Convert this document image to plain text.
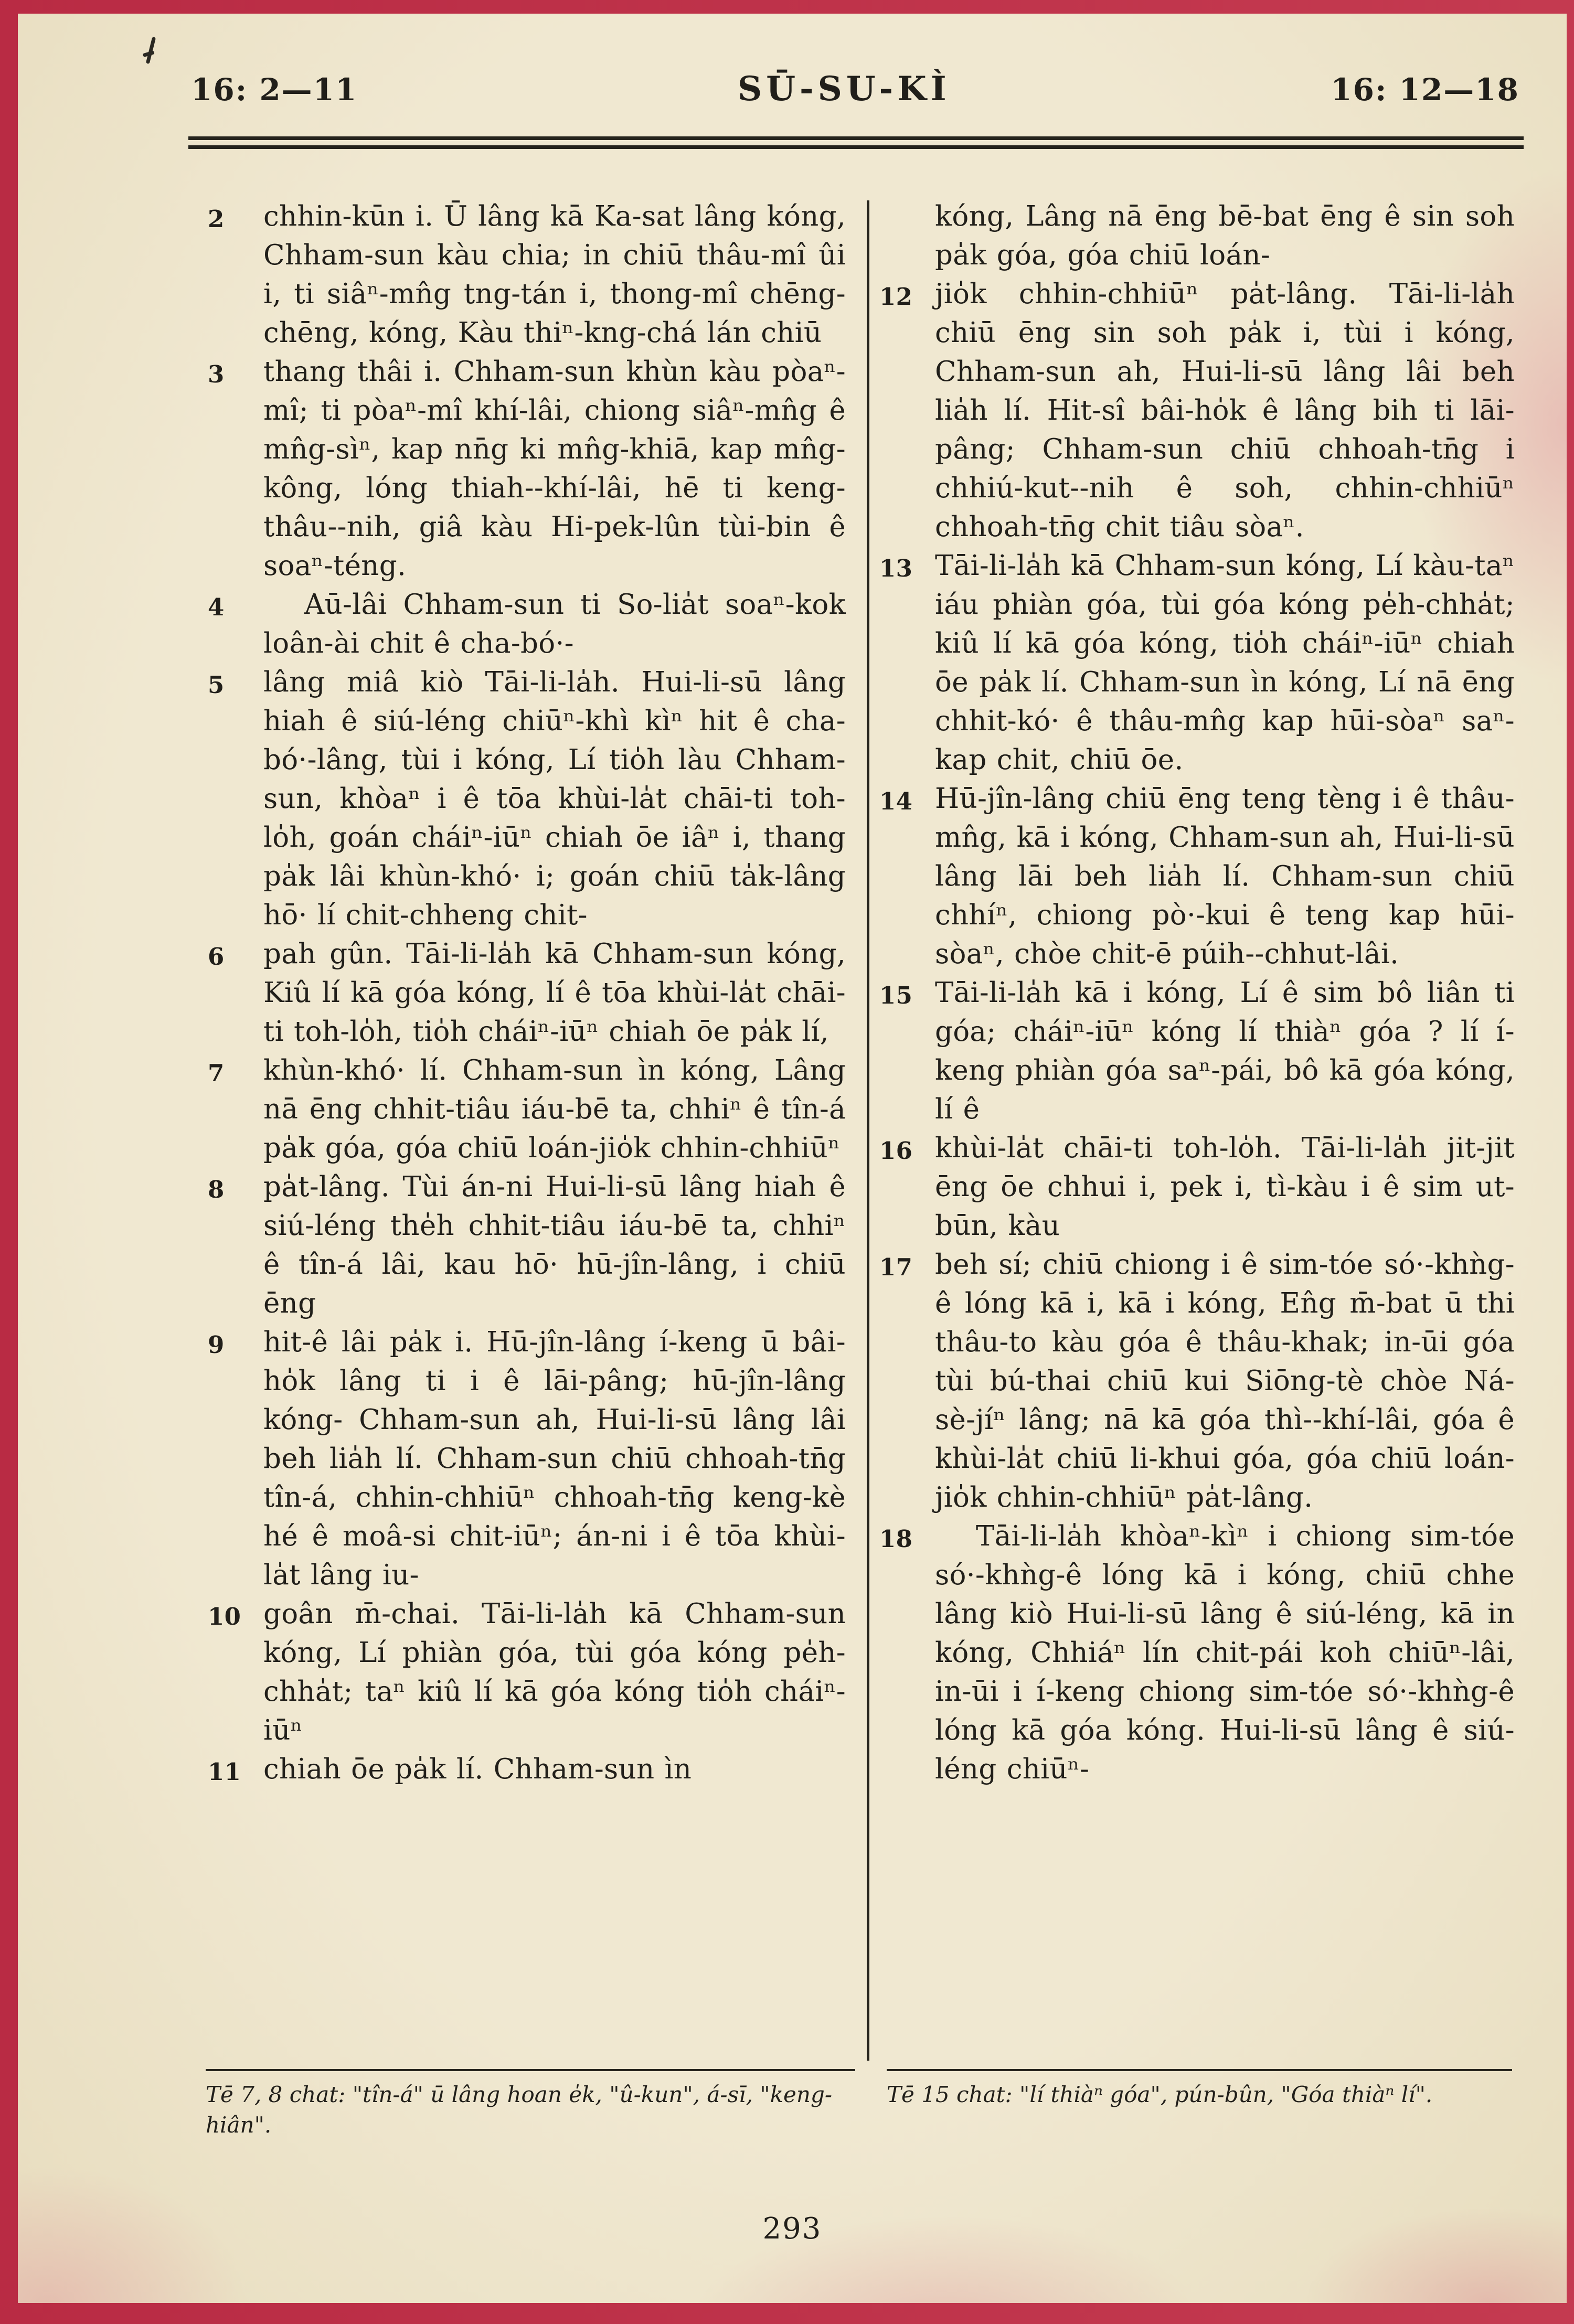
16: 2—11	SŪ-SU-KÌ	16: 12—18

2	chhin-kūn i. Ū lâng kā Ka-sat lâng kóng, Chham-sun kàu chia; in chiū thâu-mî ûi i, ti siâⁿ-mn̂g tng-tán i, thong-mî chēng-chēng, kóng, Kàu thiⁿ-kng-chá lán chiū

3	thang thâi i. Chham-sun khùn kàu pòaⁿ-mî; ti pòaⁿ-mî khí-lâi, chiong siâⁿ-mn̂g ê mn̂g-sìⁿ, kap nn̄g ki mn̂g-khiā, kap mn̂g-kông, lóng thiah--khí-lâi, hē ti keng-thâu--nih, giâ kàu Hi-pek-lûn tùi-bin ê soaⁿ-téng.

4	Aū-lâi Chham-sun ti So-lia̍t soaⁿ-kok loân-ài chit ê cha-bó·-

5	lâng miâ kiò Tāi-li-la̍h. Hui-li-sū lâng hiah ê siú-léng chiūⁿ-khì kìⁿ hit ê cha-bó·-lâng, tùi i kóng, Lí tio̍h làu Chham-sun, khòaⁿ i ê tōa khùi-la̍t chāi-ti toh-lo̍h, goán cháiⁿ-iūⁿ chiah ōe iâⁿ i, thang pa̍k lâi khùn-khó· i; goán chiū ta̍k-lâng hō· lí chit-chheng chit-

6	pah gûn. Tāi-li-la̍h kā Chham-sun kóng, Kiû lí kā góa kóng, lí ê tōa khùi-la̍t chāi-ti toh-lo̍h, tio̍h cháiⁿ-iūⁿ chiah ōe pa̍k lí,

7	khùn-khó· lí. Chham-sun ìn kóng, Lâng nā ēng chhit-tiâu iáu-bē ta, chhiⁿ ê tîn-á pa̍k góa, góa chiū loán-jio̍k chhin-chhiūⁿ

8	pa̍t-lâng. Tùi án-ni Hui-li-sū lâng hiah ê siú-léng the̍h chhit-tiâu iáu-bē ta, chhiⁿ ê tîn-á lâi, kau hō· hū-jîn-lâng, i chiū ēng

9	hit-ê lâi pa̍k i. Hū-jîn-lâng í-keng ū bâi-ho̍k lâng ti i ê lāi-pâng; hū-jîn-lâng kóng- Chham-sun ah, Hui-li-sū lâng lâi beh lia̍h lí. Chham-sun chiū chhoah-tn̄g tîn-á, chhin-chhiūⁿ chhoah-tn̄g keng-kè hé ê moâ-si chit-iūⁿ; án-ni i ê tōa khùi-la̍t lâng iu-

10 goân m̄-chai. Tāi-li-la̍h kā Chham-sun kóng, Lí phiàn góa, tùi góa kóng pe̍h-chha̍t; taⁿ kiû lí kā góa kóng tio̍h cháiⁿ-iūⁿ

11 chiah ōe pa̍k lí. Chham-sun ìn

kóng, Lâng nā ēng bē-bat ēng ê sin soh pa̍k góa, góa chiū loán-

12 jio̍k chhin-chhiūⁿ pa̍t-lâng. Tāi-li-la̍h chiū ēng sin soh pa̍k i, tùi i kóng, Chham-sun ah, Hui-li-sū lâng lâi beh lia̍h lí. Hit-sî bâi-ho̍k ê lâng bih ti lāi-pâng; Chham-sun chiū chhoah-tn̄g i chhiú-kut--nih ê soh, chhin-chhiūⁿ chhoah-tn̄g chit tiâu sòaⁿ.

13 Tāi-li-la̍h kā Chham-sun kóng, Lí kàu-taⁿ iáu phiàn góa, tùi góa kóng pe̍h-chha̍t; kiû lí kā góa kóng, tio̍h cháiⁿ-iūⁿ chiah ōe pa̍k lí. Chham-sun ìn kóng, Lí nā ēng chhit-kó· ê thâu-mn̂g kap hūi-sòaⁿ saⁿ-kap chit, chiū ōe.

14 Hū-jîn-lâng chiū ēng teng tèng i ê thâu-mn̂g, kā i kóng, Chham-sun ah, Hui-li-sū lâng lāi beh lia̍h lí. Chham-sun chiū chhíⁿ, chiong pò·-kui ê teng kap hūi-sòaⁿ, chòe chit-ē púih--chhut-lâi.

15 Tāi-li-la̍h kā i kóng, Lí ê sim bô liân ti góa; cháiⁿ-iūⁿ kóng lí thiàⁿ góa ? lí í-keng phiàn góa saⁿ-pái, bô kā góa kóng, lí ê

16 khùi-la̍t chāi-ti toh-lo̍h. Tāi-li-la̍h jit-jit ēng ōe chhui i, pek i, tì-kàu i ê sim ut-būn, kàu

17 beh sí; chiū chiong i ê sim-tóe só·-khǹg-ê lóng kā i, kā i kóng, En̂g m̄-bat ū thi thâu-to kàu góa ê thâu-khak; in-ūi góa tùi bú-thai chiū kui Siōng-tè chòe Ná-sè-jíⁿ lâng; nā kā góa thì--khí-lâi, góa ê khùi-la̍t chiū li-khui góa, góa chiū loán-jio̍k chhin-chhiūⁿ pa̍t-lâng.

18	Tāi-li-la̍h khòaⁿ-kìⁿ i chiong sim-tóe só·-khǹg-ê lóng kā i kóng, chiū chhe lâng kiò Hui-li-sū lâng ê siú-léng, kā in kóng, Chhiáⁿ lín chit-pái koh chiūⁿ-lâi, in-ūi i í-keng chiong sim-tóe só·-khǹg-ê lóng kā góa kóng. Hui-li-sū lâng ê siú-léng chiūⁿ-

Tē 7, 8 chat: "tîn-á" ū lâng hoan e̍k, "û-kun", á-sī, "keng-hiân".
Tē 15 chat: "lí thiàⁿ góa", pún-bûn, "Góa thiàⁿ lí".
293
